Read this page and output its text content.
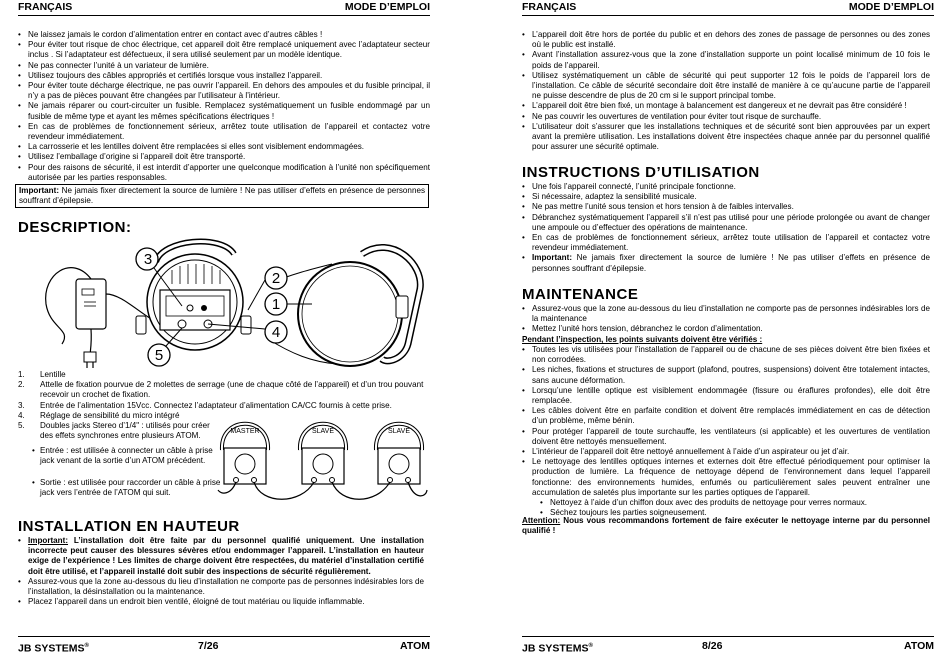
FRANÇAIS	MODE D’EMPLOI
• Ne laissez jamais le cordon d’alimentation entrer en contact avec d’autres câbles !
• Pour éviter tout risque de choc électrique, cet appareil doit être remplacé uniquement avec l’adaptateur secteur inclus . Si l’adaptateur est défectueux, il sera utilisé seulement par un modèle identique.
• Ne pas connecter l’unité à un variateur de lumière.
• Utilisez toujours des câbles appropriés et certifiés lorsque vous installez l’appareil.
• Pour éviter toute décharge électrique, ne pas ouvrir l’appareil. En dehors des ampoules et du fusible principal, il n’y a pas de pièces pouvant être changées par l’utilisateur à l’intérieur.
• Ne jamais réparer ou court-circuiter un fusible. Remplacez systématiquement un fusible endommagé par un fusible de même type et ayant les mêmes spécifications électriques !
• En cas de problèmes de fonctionnement sérieux, arrêtez toute utilisation de l’appareil et contactez votre revendeur immédiatement.
• La carrosserie et les lentilles doivent être remplacées si elles sont visiblement endommagées.
• Utilisez l’emballage d’origine si l’appareil doit être transporté.
• Pour des raisons de sécurité, il est interdit d’apporter une quelconque modification à l’unité non spécifiquement autorisée par les parties responsables.
Important: Ne jamais fixer directement la source de lumière ! Ne pas utiliser d’effets en présence de personnes souffrant d’épilepsie.
DESCRIPTION:
3
2
1
4
5
1. Lentille
2. Attelle de fixation pourvue de 2 molettes de serrage (une de chaque côté de l’appareil) et d’un trou pouvant recevoir un crochet de fixation.
3. Entrée de l’alimentation 15Vcc. Connectez l’adaptateur d’alimentation CA/CC fournis à cette prise.
4. Réglage de sensibilité du micro intégré
5. Doubles jacks Stereo d’1/4" : utilisés pour créer des effets synchrones entre plusieurs ATOM.
• Entrée : est utilisée à connecter un câble à prise jack venant de la sortie d’un ATOM précédent.
• Sortie : est utilisée pour raccorder un câble à prise jack vers l’entrée de l’ATOM qui suit.
MASTER	SLAVE	SLAVE
INSTALLATION EN HAUTEUR
• Important: L’installation doit être faite par du personnel qualifié uniquement. Une installation incorrecte peut causer des blessures sévères et/ou endommager l’appareil. L’installation en hauteur exige de l’expérience ! Les limites de charge doivent être respectées, du matériel d’installation certifié doit être utilisé, et l’appareil installé doit subir des inspections de sécurité régulièrement.
• Assurez-vous que la zone au-dessous du lieu d’installation ne comporte pas de personnes indésirables lors de l’installation, la désinstallation ou la maintenance.
• Placez l’appareil dans un endroit bien ventilé, éloigné de tout matériau ou liquide inflammable.
JB SYSTEMS®	7/26	ATOM
FRANÇAIS	MODE D’EMPLOI
• L’appareil doit être hors de portée du public et en dehors des zones de passage de personnes ou des zones où le public est installé.
• Avant l’installation assurez-vous que la zone d’installation supporte un point localisé minimum de 10 fois le poids de l’appareil.
• Utilisez systématiquement un câble de sécurité qui peut supporter 12 fois le poids de l’appareil lors de l’installation. Ce câble de sécurité secondaire doit être installé de manière à ce qu’aucune partie de l’appareil ne puisse descendre de plus de 20 cm si le support principal tombe.
• L’appareil doit être bien fixé, un montage à balancement est dangereux et ne devrait pas être considéré !
• Ne pas couvrir les ouvertures de ventilation pour éviter tout risque de surchauffe.
• L’utilisateur doit s’assurer que les installations techniques et de sécurité sont bien approuvées par un expert avant la première utilisation. Les installations doivent être inspectées chaque année par du personnel qualifié pour assurer une sécurité optimale.
INSTRUCTIONS D’UTILISATION
• Une fois l’appareil connecté, l’unité principale fonctionne.
• Si nécessaire, adaptez la sensibilité musicale.
• Ne pas mettre l’unité sous tension et hors tension à de faibles intervalles.
• Débranchez systématiquement l’appareil s’il n’est pas utilisé pour une période prolongée ou avant de changer une ampoule ou d’effectuer des opérations de maintenance.
• En cas de problèmes de fonctionnement sérieux, arrêtez toute utilisation de l’appareil et contactez votre revendeur immédiatement.
• Important: Ne jamais fixer directement la source de lumière ! Ne pas utiliser d’effets en présence de personnes souffrant d’épilepsie.
MAINTENANCE
• Assurez-vous que la zone au-dessous du lieu d’installation ne comporte pas de personnes indésirables lors de la maintenance
• Mettez l’unité hors tension, débranchez le cordon d’alimentation.

Pendant l’inspection, les points suivants doivent être vérifiés :

• Toutes les vis utilisées pour l’installation de l’appareil ou de chacune de ses pièces doivent être bien fixées et non corrodées.
• Les niches, fixations et structures de support (plafond, poutres, suspensions) doivent être totalement intactes, sans aucune déformation.
• Lorsqu’une lentille optique est visiblement endommagée (fissure ou éraflures profondes), elle doit être remplacée.
• Les câbles doivent être en parfaite condition et doivent être remplacés immédiatement en cas de détection d’un problème, même bénin.
• Pour protéger l’appareil de toute surchauffe, les ventilateurs (si applicable) et les ouvertures de ventilation doivent être nettoyés mensuellement.
• L’intérieur de l’appareil doit être nettoyé annuellement à l’aide d’un aspirateur ou jet d’air.
• Le nettoyage des lentilles optiques internes et externes doit être effectué périodiquement pour optimiser la production de lumière. La fréquence de nettoyage dépend de l’environnement dans lequel l’appareil fonctionne: des environnements humides, enfumés ou particulièrement sales peuvent entraîner une accumulation de saletés plus importante sur les parties optiques de l’appareil.
• Nettoyez à l’aide d’un chiffon doux avec des produits de nettoyage pour verres normaux.
• Séchez toujours les parties soigneusement.

Attention: Nous vous recommandons fortement de faire exécuter le nettoyage interne par du personnel qualifié !

JB SYSTEMS®	8/26	ATOM
